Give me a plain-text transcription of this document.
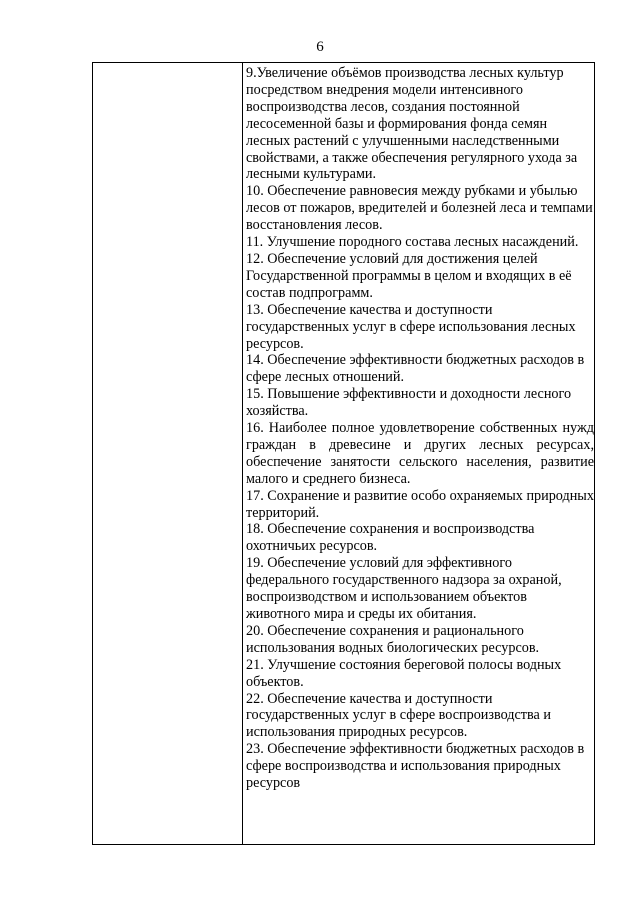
6

9.Увеличение объёмов производства лесных культур посредством внедрения модели интенсивного воспроизводства лесов, создания постоянной лесосеменной базы и формирования фонда семян лесных растений с улучшенными наследственными свойствами, а также обеспечения регулярного ухода за лесными культурами.

10. Обеспечение равновесия между рубками и убылью лесов от пожаров, вредителей и болезней леса и темпами восстановления лесов.

11. Улучшение породного состава лесных насаждений.

12. Обеспечение условий для достижения целей Государственной программы в целом и входящих в её состав подпрограмм.

13. Обеспечение качества и доступности государственных услуг в сфере использования лесных ресурсов.

14. Обеспечение эффективности бюджетных расходов в сфере лесных отношений.

15. Повышение эффективности и доходности лесного хозяйства.

16. Наиболее полное удовлетворение собственных нужд граждан в древесине и других лесных ресурсах, обеспечение занятости сельского населения, развитие малого и среднего бизнеса.

17. Сохранение и развитие особо охраняемых природных территорий.

18. Обеспечение сохранения и воспроизводства охотничьих ресурсов.

19. Обеспечение условий для эффективного федерального государственного надзора за охраной, воспроизводством и использованием объектов животного мира и среды их обитания.

20. Обеспечение сохранения и рационального использования водных биологических ресурсов.

21. Улучшение состояния береговой полосы водных объектов.

22. Обеспечение качества и доступности государственных услуг в сфере воспроизводства и использования природных ресурсов.

23. Обеспечение эффективности бюджетных расходов в сфере воспроизводства и использования природных ресурсов
